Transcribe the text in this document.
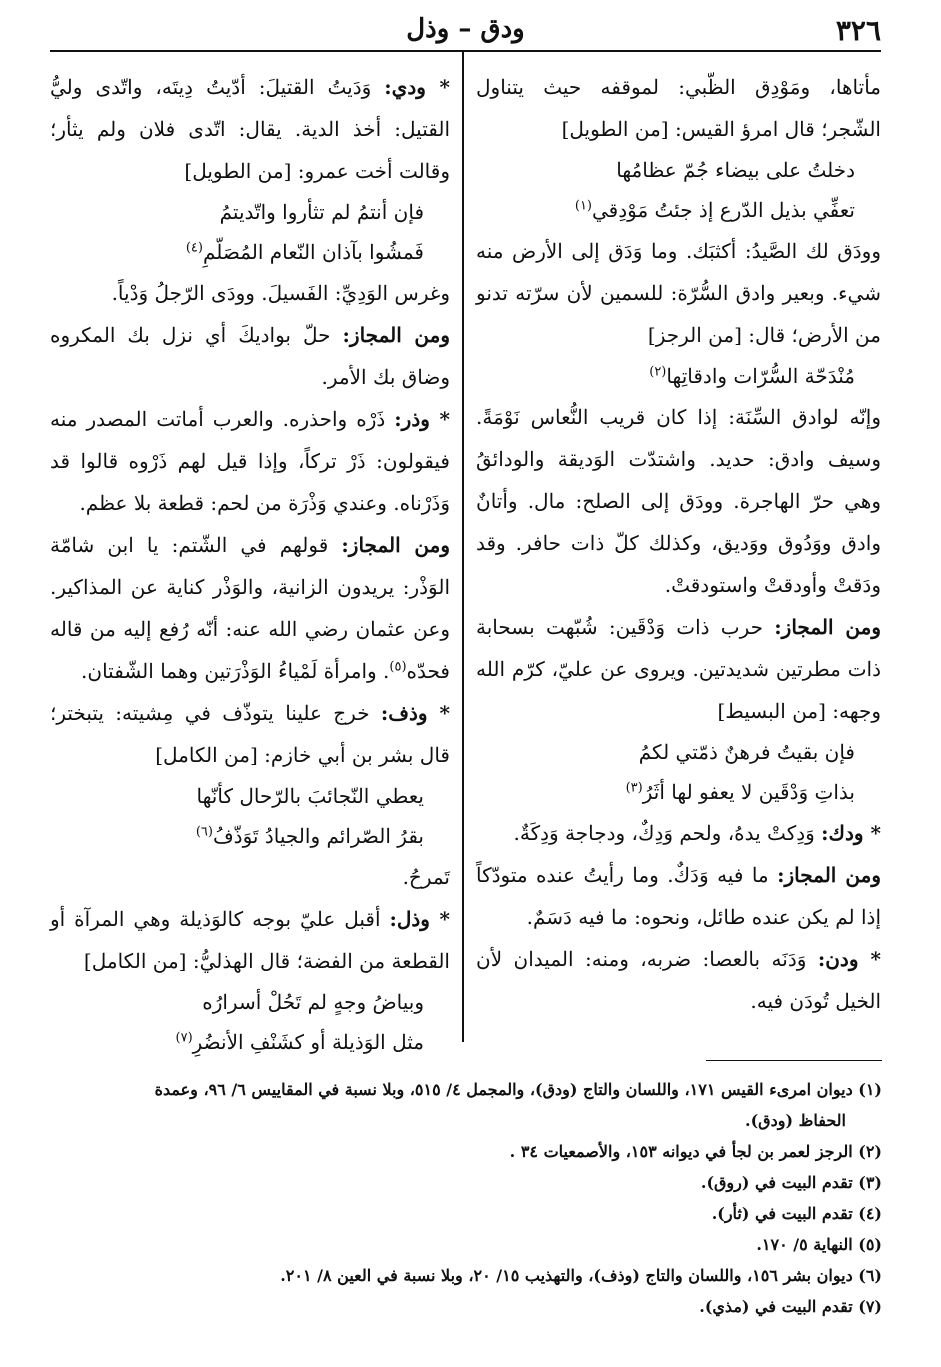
٣٢٦
ودق – وذل

مأتاها، ومَوْدِق الظّبي: لموقفه حيث يتناول الشّجر؛ قال امرؤ القيس: [من الطويل]

دخلتُ على بيضاء جُمّ عظامُها
تعفِّي بذيل الدّرع إذ جئتُ مَوْدِقي$^{(١)}$

وودَق لك الصَّيدُ: أكثبَك. وما وَدَق إلى الأرض منه شيء. وبعير وادق السُّرّة: للسمين لأن سرّته تدنو من الأرض؛ قال: [من الرجز]

مُنْدَحّة السُّرّات وادقاتِها$^{(٢)}$

وإنّه لوادق السِّنَة: إذا كان قريب النُّعاس نَوْمَةً. وسيف وادق: حديد. واشتدّت الوَديقة والودائقُ وهي حرّ الهاجرة. وودَق إلى الصلح: مال. وأتانٌ وادق ووَدُوق ووَديق، وكذلك كلّ ذات حافر. وقد ودَقتْ وأودقتْ واستودقتْ.

ومن المجاز: حرب ذات وَدْقَين: شُبّهت بسحابة ذات مطرتين شديدتين. ويروى عن عليّ، كرّم الله وجهه: [من البسيط]

فإن بقيتُ فرهنٌ ذمّتي لكمُ
بذاتِ وَدْقَين لا يعفو لها أثَرُ$^{(٣)}$

* ودك: وَدِكتْ يدهُ، ولحم وَدِكٌ، ودجاجة وَدِكَةٌ.

ومن المجاز: ما فيه وَدَكٌ. وما رأيتُ عنده متودّكاً إذا لم يكن عنده طائل، ونحوه: ما فيه دَسَمٌ.

* ودن: وَدَنَه بالعصا: ضربه، ومنه: الميدان لأن الخيل تُودَن فيه.

* ودي: وَدَيتُ القتيلَ: أدّيتُ دِيتَه، واتّدى وليُّ القتيل: أخذ الدية. يقال: اتّدى فلان ولم يثأر؛ وقالت أخت عمرو: [من الطويل]

فإن أنتمُ لم تثأروا واتّديتمُ
فَمشُوا بآذان النّعام المُصَلّمِ$^{(٤)}$

وغرس الوَدِيِّ: الفَسيلَ. وودَى الرّجلُ وَدْياً.

ومن المجاز: حلّ بواديكَ أي نزل بك المكروه وضاق بك الأمر.

* وذر: ذَرْه واحذره. والعرب أماتت المصدر منه فيقولون: ذَرْ تركاً، وإذا قيل لهم ذَرْوه قالوا قد وَذَرْناه. وعندي وَذْرَة من لحم: قطعة بلا عظم.

ومن المجاز: قولهم في الشّتم: يا ابن شامّة الوَذْر: يريدون الزانية، والوَذْر كناية عن المذاكير. وعن عثمان رضي الله عنه: أنّه رُفع إليه من قاله فحدّه$^{(٥)}$. وامرأة لَمْياءُ الوَذْرَتين وهما الشّفتان.

* وذف: خرج علينا يتوذّف في مِشيته: يتبختر؛ قال بشر بن أبي خازم: [من الكامل]

يعطي النّجائبَ بالرّحال كأنّها
بقرُ الصّرائم والجيادُ تَوَذّفُ$^{(٦)}$

تَمرحُ.

* وذل: أقبل عليّ بوجه كالوَذيلة وهي المرآة أو القطعة من الفضة؛ قال الهذليُّ: [من الكامل]

وبياضُ وجهٍ لم تَحُلْ أسرارُه
مثل الوَذيلة أو كشَنْفِ الأنضُرِ$^{(٧)}$

(١) ديوان امرىء القيس ١٧١، واللسان والتاج (ودق)، والمجمل ٤/ ٥١٥، وبلا نسبة في المقاييس ٦/ ٩٦، وعمدة

الحفاظ (ودق).

(٢) الرجز لعمر بن لجأ في ديوانه ١٥٣، والأصمعيات ٣٤ .

(٣) تقدم البيت في (روق).

(٤) تقدم البيت في (ثأر).

(٥) النهاية ٥/ ١٧٠.

(٦) ديوان بشر ١٥٦، واللسان والتاج (وذف)، والتهذيب ١٥/ ٢٠، وبلا نسبة في العين ٨/ ٢٠١.

(٧) تقدم البيت في (مذي).
